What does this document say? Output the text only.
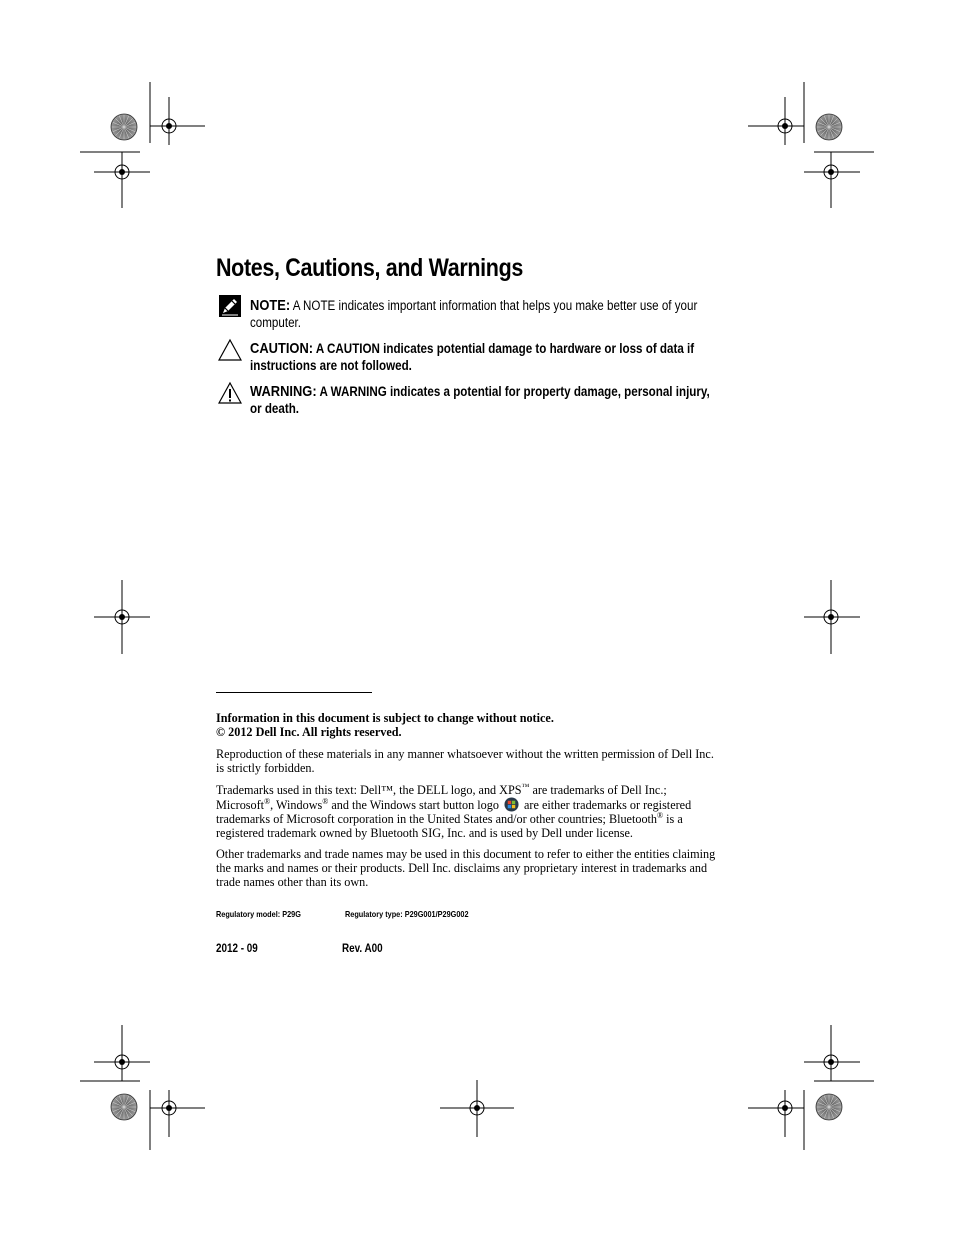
Notes, Cautions, and Warnings
NOTE: A NOTE indicates important information that helps you make better use of your computer.
CAUTION: A CAUTION indicates potential damage to hardware or loss of data if instructions are not followed.
WARNING: A WARNING indicates a potential for property damage, personal injury, or death.
Information in this document is subject to change without notice.
© 2012 Dell Inc. All rights reserved.
Reproduction of these materials in any manner whatsoever without the written permission of Dell Inc. is strictly forbidden.
Trademarks used in this text: Dell™, the DELL logo, and XPS™ are trademarks of Dell Inc.; Microsoft®, Windows® and the Windows start button logo  are either trademarks or registered trademarks of Microsoft corporation in the United States and/or other countries; Bluetooth® is a registered trademark owned by Bluetooth SIG, Inc. and is used by Dell under license.
Other trademarks and trade names may be used in this document to refer to either the entities claiming the marks and names or their products. Dell Inc. disclaims any proprietary interest in trademarks and trade names other than its own.
Regulatory model: P29G	Regulatory type: P29G001/P29G002
2012 - 09	Rev. A00
